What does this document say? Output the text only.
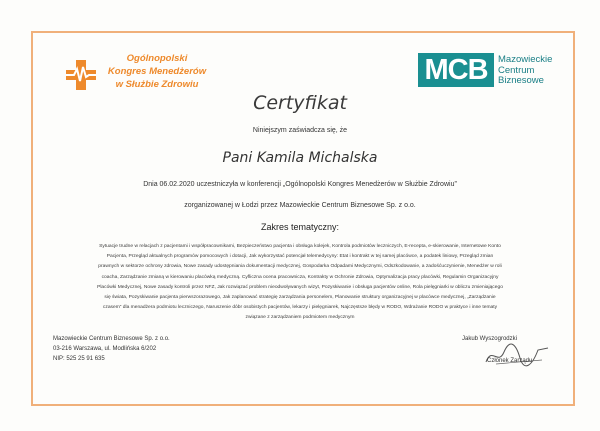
Ogólnopolski
Kongres Menedżerów
w Służbie Zdrowiu	MCB	Mazowieckie
Centrum
Biznesowe
Certyfikat
Niniejszym zaświadcza się, że
Pani Kamila Michalska
Dnia 06.02.2020 uczestniczyła w konferencji „Ogólnopolski Kongres Menedżerów w Służbie Zdrowiu”
zorganizowanej w Łodzi przez Mazowieckie Centrum Biznesowe Sp. z o.o.
Zakres tematyczny:
Sytuacje trudne w relacjach z pacjentami i współpracownikami, Bezpieczeństwo pacjenta i obsługa kolejek, Kontrola podmiotów leczniczych, E-recepta, e-skierowanie, Internetowe Konto
Pacjenta, Przegląd aktualnych programów pomocowych i dotacji, Jak wykorzystać potencjał telemedycyny: Etat i kontrakt w tej samej placówce, a podatek liniowy, Przegląd zmian
prawnych w sektorze ochrony zdrowia, Nowe zasady udostępniania dokumentacji medycznej, Gospodarka Odpadami Medycznymi, Odszkodowanie, a zadośćuczynienie, Menedżer w roli
coacha, Zarządzanie zmianą w kierowaniu placówką medyczną. Cyfliczna ocena pracownicza, Kontrakty w Ochronie Zdrowia, Optymalizacja pracy placówki, Regulamin Organizacyjny
Placówki Medycznej, Nowe zasady kontroli przez NFZ, Jak rozwiązać problem nieodwoływanych wizyt, Pozyskiwanie i obsługa pacjentów online, Rola pielęgniarki w obliczu zmieniającego
się świata, Pozyskiwanie pacjenta pierwszorazowego, Jak zaplanować strategię zarządzania personelem, Planowanie struktury organizacyjnej w placówce medycznej, „Zarządzanie
czasem” dla menadżera podmiotu leczniczego, Naruszenie dóbr osobistych pacjentów, lekarzy i pielęgniarek, Najczęstsze błędy w RODO, Wdrażanie RODO w praktyce i inne tematy
związane z zarządzaniem podmiotem medycznym
Mazowieckie Centrum Biznesowe Sp. z o.o.
03-216 Warszawa, ul. Modlińska 6/202
NIP: 525 25 91 635
Jakub Wyszogrodzki
Członek Zarządu
